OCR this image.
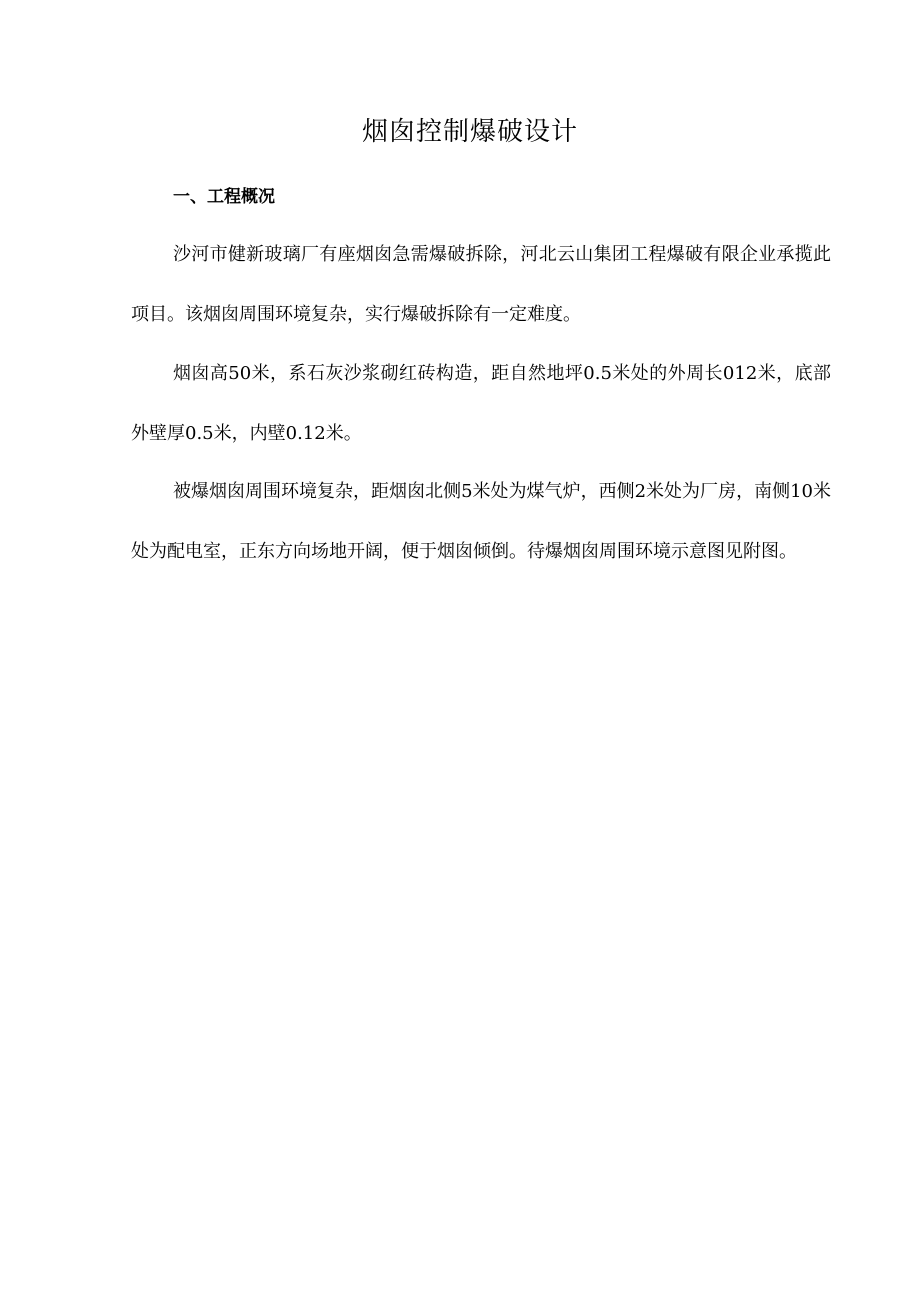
烟囱控制爆破设计
一、工程概况

沙河市健新玻璃厂有座烟囱急需爆破拆除，河北云山集团工程爆破有限企业承揽此项目。该烟囱周围环境复杂，实行爆破拆除有一定难度。

烟囱高50米，系石灰沙浆砌红砖构造，距自然地坪0.5米处的外周长012米，底部外壁厚0.5米，内壁0.12米。

被爆烟囱周围环境复杂，距烟囱北侧5米处为煤气炉，西侧2米处为厂房，南侧10米处为配电室，正东方向场地开阔，便于烟囱倾倒。待爆烟囱周围环境示意图见附图。
